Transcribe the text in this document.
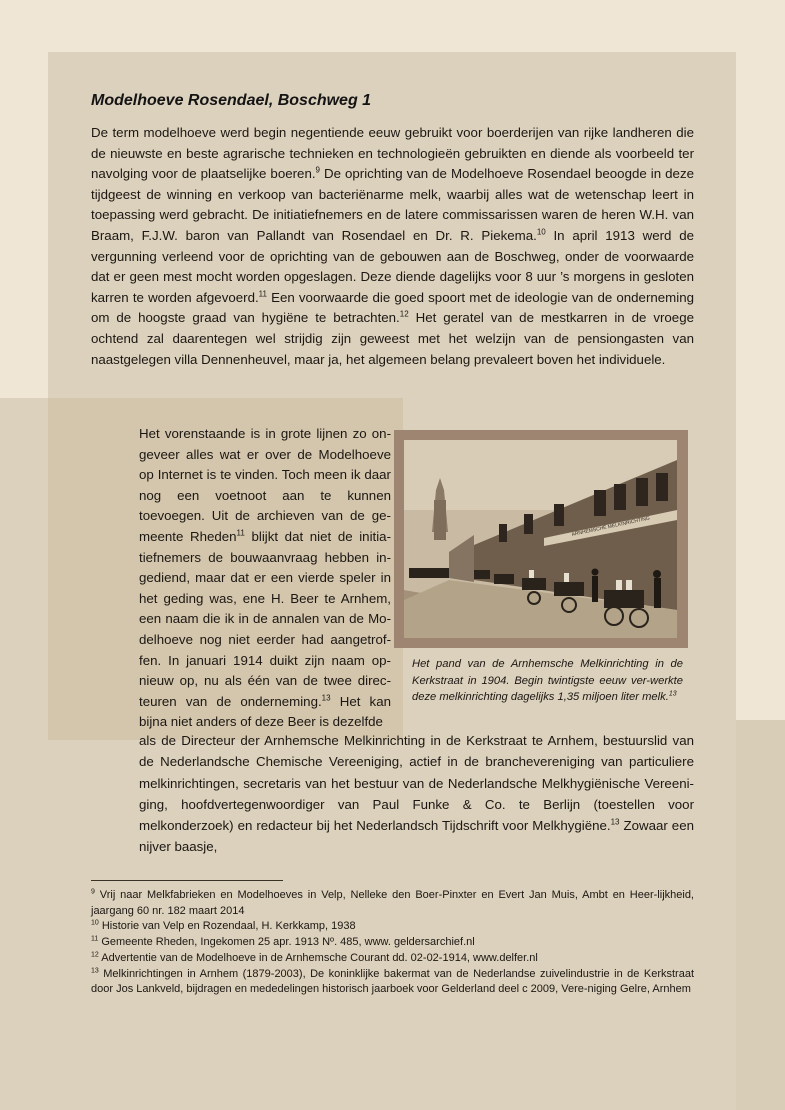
Modelhoeve Rosendael, Boschweg 1

De term modelhoeve werd begin negentiende eeuw gebruikt voor boerderijen van rijke landheren die de nieuwste en beste agrarische technieken en technologieën gebruikten en diende als voorbeeld ter navolging voor de plaatselijke boeren.$^9$ De oprichting van de Modelhoeve Rosendael beoogde in deze tijdgeest de winning en verkoop van bacteriënarme melk, waarbij alles wat de wetenschap leert in toepassing werd gebracht. De initiatiefnemers en de latere commissarissen waren de heren W.H. van Braam, F.J.W. baron van Pallandt van Rosendael en Dr. R. Piekema.$^{10}$ In april 1913 werd de vergunning verleend voor de oprichting van de gebouwen aan de Boschweg, onder de voorwaarde dat er geen mest mocht worden opgeslagen. Deze diende dagelijks voor 8 uur ’s morgens in gesloten karren te worden afgevoerd.$^{11}$ Een voorwaarde die goed spoort met de ideologie van de onderneming om de hoogste graad van hygiëne te betrachten.$^{12}$ Het geratel van de mestkarren in de vroege ochtend zal daarentegen wel strijdig zijn geweest met het welzijn van de pensiongasten van naastgelegen villa Dennenheuvel, maar ja, het algemeen belang prevaleert boven het individuele.

Het vorenstaande is in grote lijnen zo on-geveer alles wat er over de Modelhoeve op Internet is te vinden. Toch meen ik daar nog een voetnoot aan te kunnen toevoegen. Uit de archieven van de ge-meente Rheden$^{11}$ blijkt dat niet de initia-tiefnemers de bouwaanvraag hebben in-gediend, maar dat er een vierde speler in het geding was, ene H. Beer te Arnhem, een naam die ik in de annalen van de Mo-delhoeve nog niet eerder had aangetrof-fen. In januari 1914 duikt zijn naam op-nieuw op, nu als één van de twee direc-teuren van de onderneming.$^{13}$ Het kan bijna niet anders of deze Beer is dezelfde

ARNHEMSCHE MELKINRICHTING

Het pand van de Arnhemsche Melkinrichting in de Kerkstraat in 1904. Begin twintigste eeuw ver-werkte deze melkinrichting dagelijks 1,35 miljoen liter melk.$^{13}$

als de Directeur der Arnhemsche Melkinrichting in de Kerkstraat te Arnhem, bestuurslid van de Nederlandsche Chemische Vereeniging, actief in de branchevereniging van particuliere melkinrichtingen, secretaris van het bestuur van de Nederlandsche Melkhygiënische Vereeni-ging, hoofdvertegenwoordiger van Paul Funke & Co. te Berlijn (toestellen voor melkonderzoek) en redacteur bij het Nederlandsch Tijdschrift voor Melkhygiëne.$^{13}$ Zowaar een nijver baasje,

$^9$ Vrij naar Melkfabrieken en Modelhoeves in Velp, Nelleke den Boer-Pinxter en Evert Jan Muis, Ambt en Heer-lijkheid, jaargang 60 nr. 182 maart 2014
$^{10}$ Historie van Velp en Rozendaal, H. Kerkkamp, 1938
$^{11}$ Gemeente Rheden, Ingekomen 25 apr. 1913 Nº. 485, www. geldersarchief.nl
$^{12}$ Advertentie van de Modelhoeve in de Arnhemsche Courant dd. 02-02-1914, www.delfer.nl
$^{13}$ Melkinrichtingen in Arnhem (1879-2003), De koninklijke bakermat van de Nederlandse zuivelindustrie in de Kerkstraat door Jos Lankveld, bijdragen en mededelingen historisch jaarboek voor Gelderland deel c 2009, Vere-niging Gelre, Arnhem
